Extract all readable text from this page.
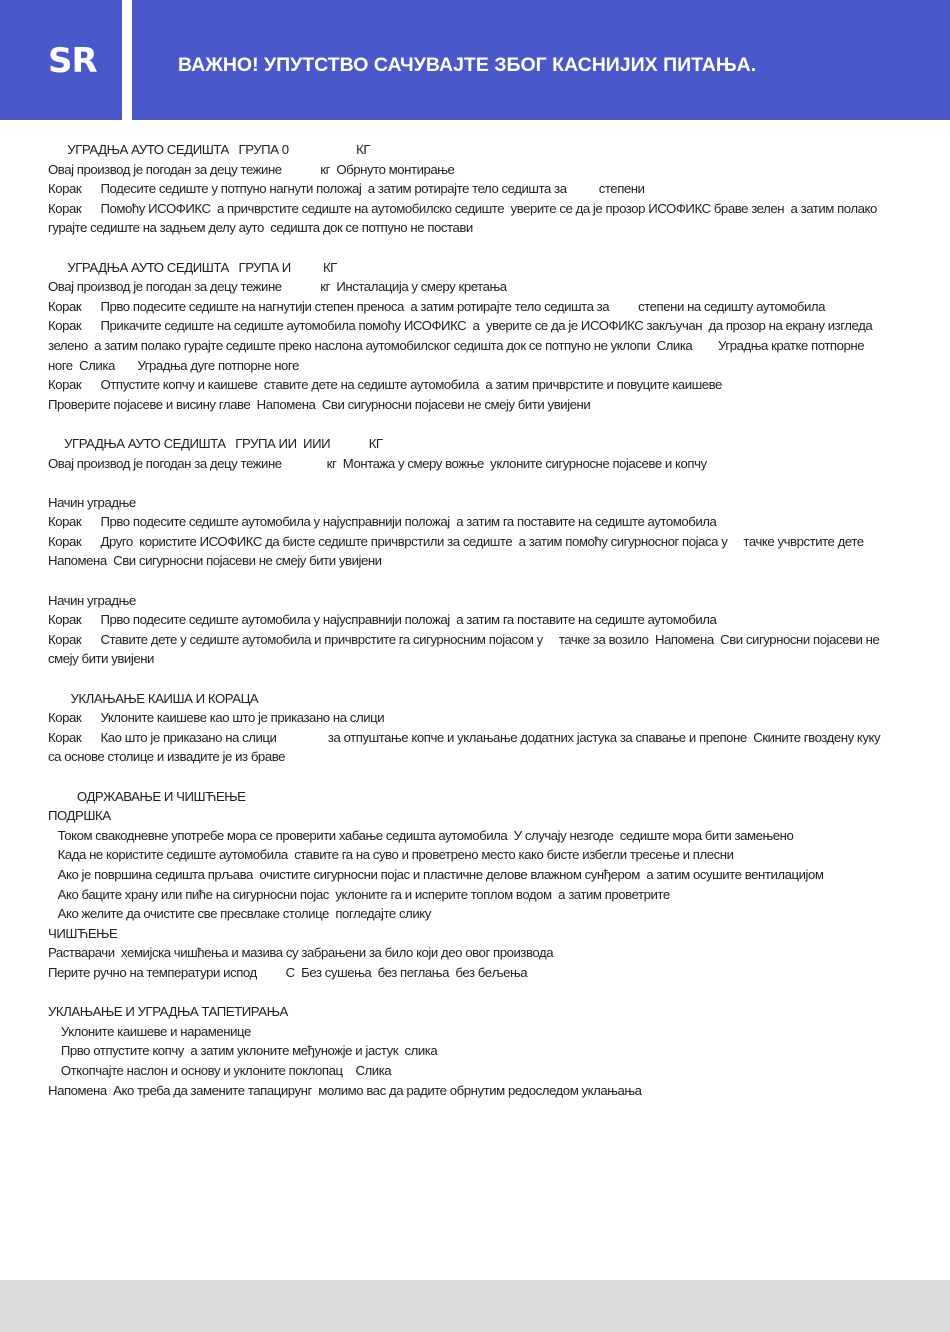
SR	ВАЖНО! УПУТСТВО САЧУВАЈТЕ ЗБОГ КАСНИЈИХ ПИТАЊА.

УГРАДЊА АУТО СЕДИШТА   ГРУПА 0                     КГ

Овај производ је погодан за децу тежине            кг  Обрнуто монтирање

Корак      Подесите седиште у потпуно нагнути положај  а затим ротирајте тело седишта за          степени

Корак      Помоћу ИСОФИКС  а причврстите седиште на аутомобилско седиште  уверите се да је прозор ИСОФИКС браве зелен  а затим полако

гурајте седиште на задњем делу ауто  седишта док се потпуно не постави

УГРАДЊА АУТО СЕДИШТА   ГРУПА И          КГ

Овај производ је погодан за децу тежине            кг  Инсталација у смеру кретања

Корак      Прво подесите седиште на нагнутији степен преноса  а затим ротирајте тело седишта за         степени на седишту аутомобила

Корак      Прикачите седиште на седиште аутомобила помоћу ИСОФИКС  а  уверите се да је ИСОФИКС закључан  да прозор на екрану изгледа

зелено  а затим полако гурајте седиште преко наслона аутомобилског седишта док се потпуно не уклопи  Слика        Уградња кратке потпорне

ноге  Слика       Уградња дуге потпорне ноге

Корак      Отпустите копчу и каишеве  ставите дете на седиште аутомобила  а затим причврстите и повуците каишеве

Проверите појасеве и висину главе  Напомена  Сви сигурносни појасеви не смеју бити увијени

УГРАДЊА АУТО СЕДИШТА   ГРУПА ИИ  ИИИ            КГ

Овај производ је погодан за децу тежине              кг  Монтажа у смеру вожње  уклоните сигурносне појасеве и копчу

Начин уградње

Корак      Прво подесите седиште аутомобила у најусправнији положај  а затим га поставите на седиште аутомобила

Корак      Друго  користите ИСОФИКС да бисте седиште причврстили за седиште  а затим помоћу сигурносног појаса у     тачке учврстите дете

Напомена  Сви сигурносни појасеви не смеју бити увијени

Начин уградње

Корак      Прво подесите седиште аутомобила у најусправнији положај  а затим га поставите на седиште аутомобила

Корак      Ставите дете у седиште аутомобила и причврстите га сигурносним појасом у     тачке за возило  Напомена  Сви сигурносни појасеви не

смеју бити увијени

УКЛАЊАЊЕ КАИША И КОРАЦА

Корак      Уклоните каишеве као што је приказано на слици

Корак      Као што је приказано на слици                за отпуштање копче и уклањање додатних јастука за спавање и препоне  Скините гвоздену куку

са основе столице и извадите је из браве

ОДРЖАВАЊЕ И ЧИШЋЕЊЕ

ПОДРШКА

Током свакодневне употребе мора се проверити хабање седишта аутомобила  У случају незгоде  седиште мора бити замењено

Када не користите седиште аутомобила  ставите га на суво и проветрено место како бисте избегли тресење и плесни

Ако је површина седишта прљава  очистите сигурносни појас и пластичне делове влажном сунђером  а затим осушите вентилацијом

Ако баците храну или пиће на сигурносни појас  уклоните га и исперите топлом водом  а затим проветрите

Ако желите да очистите све пресвлаке столице  погледајте слику

ЧИШЋЕЊЕ

Растварачи  хемијска чишћења и мазива су забрањени за било који део овог производа

Перите ручно на температури испод         С  Без сушења  без пеглања  без бељења

УКЛАЊАЊЕ И УГРАДЊА ТАПЕТИРАЊА

Уклоните каишеве и нараменице

Прво отпустите копчу  а затим уклоните међуножје и јастук  слика

Откопчајте наслон и основу и уклоните поклопац    Слика

Напомена  Ако треба да замените тапацирунг  молимо вас да радите обрнутим редоследом уклањања
